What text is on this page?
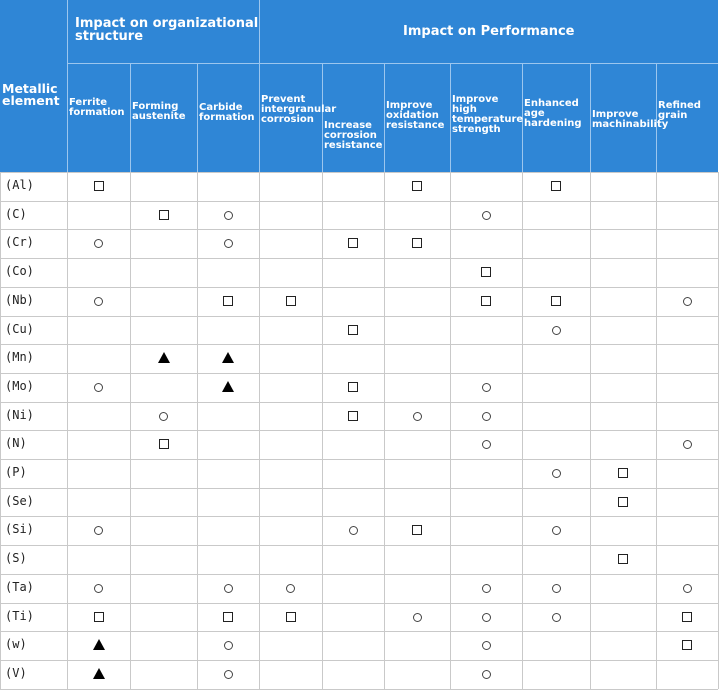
Metallic
element
Impact on organizational
structure	Impact on Performance
Ferrite
formation
Forming
austenite
Carbide
formation
Prevent
intergranular
corrosion
Increase
corrosion
resistance
Improve
oxidation
resistance
Improve
high
temperature
strength
Enhanced
age
hardening
Improve
machinability
Refined
grain
(Al)
(C)
(Cr)
(Co)
(Nb)
(Cu)
(Mn)
(Mo)
(Ni)
(N)
(P)
(Se)
(Si)
(S)
(Ta)
(Ti)
(w)
(V)
